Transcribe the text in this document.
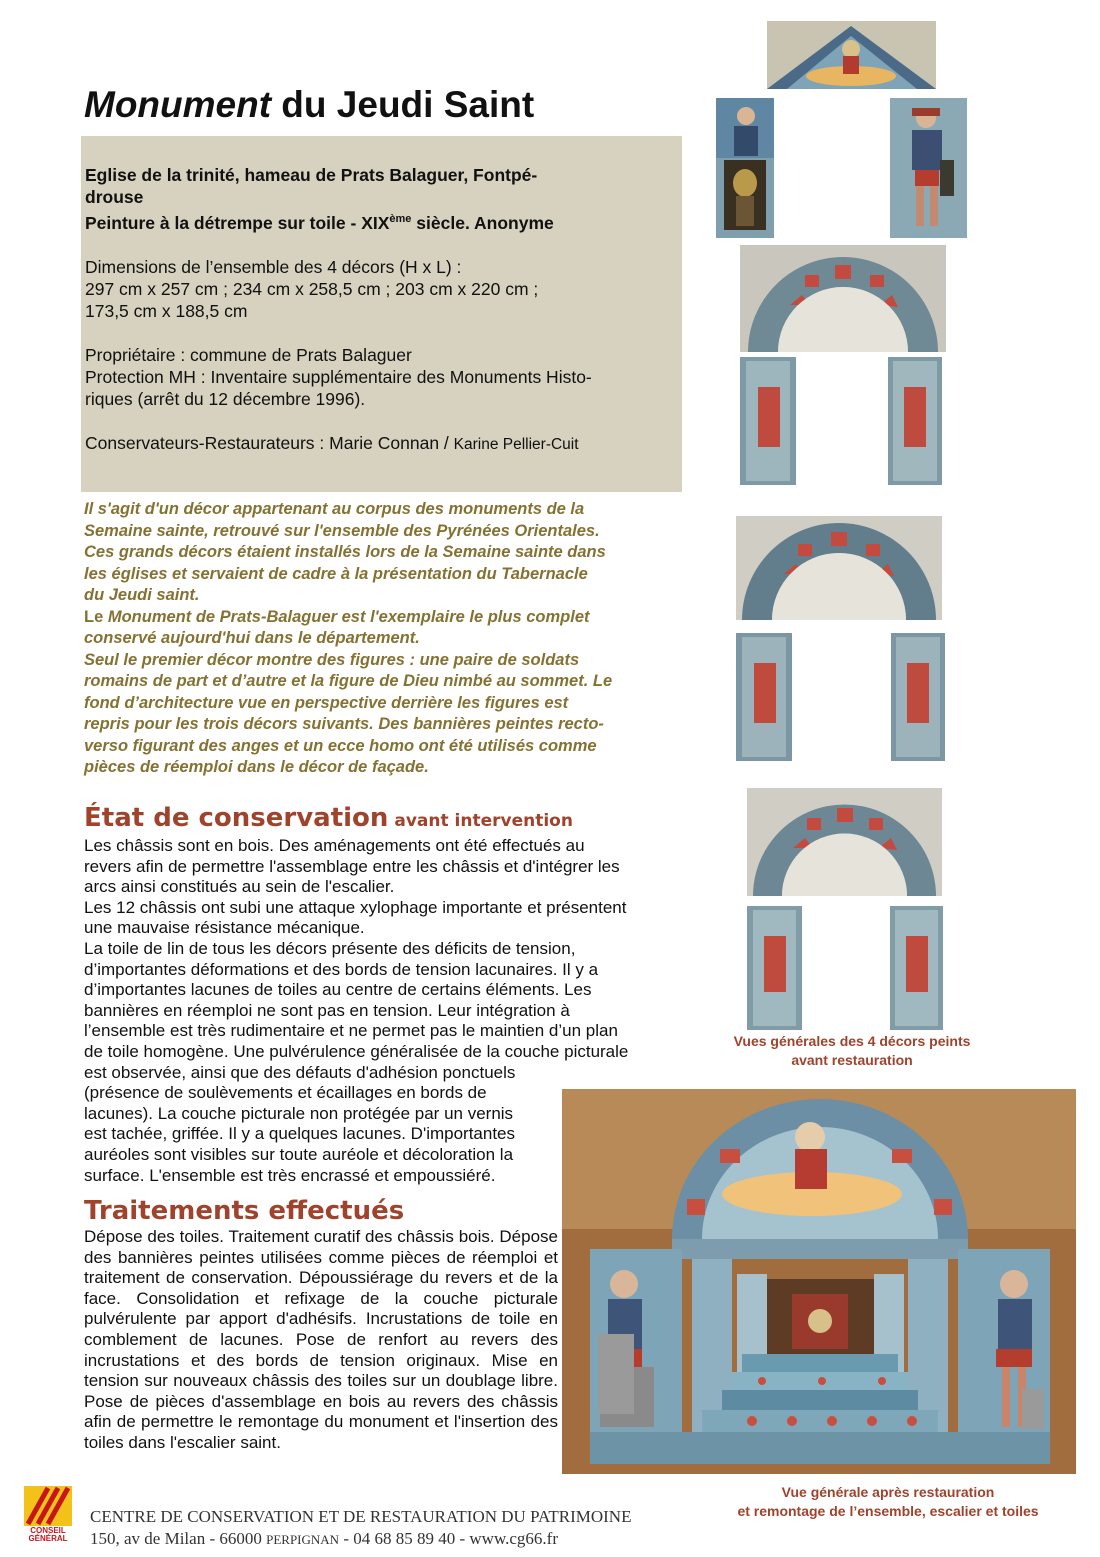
Monument du Jeudi Saint
Eglise de la trinité, hameau de Prats Balaguer, Fontpé-
drouse
Peinture à la détrempe sur toile - XIXème siècle. Anonyme
Dimensions de l’ensemble des 4 décors (H x L) :
297 cm x 257 cm ; 234 cm x 258,5 cm ; 203 cm x 220 cm ;
173,5 cm x 188,5 cm
Propriétaire : commune de Prats Balaguer
Protection MH : Inventaire supplémentaire des Monuments Histo-
riques (arrêt du 12 décembre 1996).
Conservateurs-Restaurateurs : Marie Connan / Karine Pellier-Cuit
Il s'agit d'un décor appartenant au corpus des monuments de la
Semaine sainte, retrouvé sur l'ensemble des Pyrénées Orientales.
Ces grands décors étaient installés lors de la Semaine sainte dans
les églises et servaient de cadre à la présentation du Tabernacle
du Jeudi saint.
Le Monument de Prats-Balaguer est l'exemplaire le plus complet
conservé aujourd'hui dans le département.
Seul le premier décor montre des figures : une paire de soldats
romains de part et d’autre et la figure de Dieu nimbé au sommet. Le
fond d’architecture vue en perspective derrière les figures est
repris pour les trois décors suivants. Des bannières peintes recto-
verso figurant des anges et un ecce homo ont été utilisés comme
pièces de réemploi dans le décor de façade.
État de conservation avant intervention
Les châssis sont en bois. Des aménagements ont été effectués au
revers afin de permettre l'assemblage entre les châssis et d'intégrer les
arcs ainsi constitués au sein de l'escalier.
Les 12 châssis ont subi une attaque xylophage importante et présentent
une mauvaise résistance mécanique.
La toile de lin de tous les décors présente des déficits de tension,
d’importantes déformations et des bords de tension lacunaires. Il y a
d’importantes lacunes de toiles au centre de certains éléments. Les
bannières en réemploi ne sont pas en tension. Leur intégration à
l’ensemble est très rudimentaire et ne permet pas le maintien d’un plan
de toile homogène. Une pulvérulence généralisée de la couche picturale
est observée, ainsi que des défauts d'adhésion ponctuels
(présence de soulèvements et écaillages en bords de
lacunes). La couche picturale non protégée par un vernis
est tachée, griffée. Il y a quelques lacunes. D'importantes
auréoles sont visibles sur toute auréole et décoloration la
surface. L'ensemble est très encrassé et empoussiéré.
Traitements effectués
Dépose des toiles. Traitement curatif des châssis bois. Dépose des bannières peintes utilisées comme pièces de réemploi et traitement de conservation. Dépoussiérage du revers et de la face. Consolidation et refixage de la couche picturale pulvérulente par apport d'adhésifs. Incrustations de toile en comblement de lacunes. Pose de renfort au revers des incrustations et des bords de tension originaux. Mise en tension sur nouveaux châssis des toiles sur un doublage libre. Pose de pièces d'assemblage en bois au revers des châssis afin de permettre le remontage du monument et l'insertion des toiles dans l'escalier saint.
Vues générales des 4 décors peints
avant restauration
Vue générale après restauration
et remontage de l’ensemble, escalier et toiles
CONSEIL
GÉNÉRAL
CENTRE DE CONSERVATION ET DE RESTAURATION DU PATRIMOINE
150, av de Milan - 66000 PERPIGNAN - 04 68 85 89 40 - www.cg66.fr
